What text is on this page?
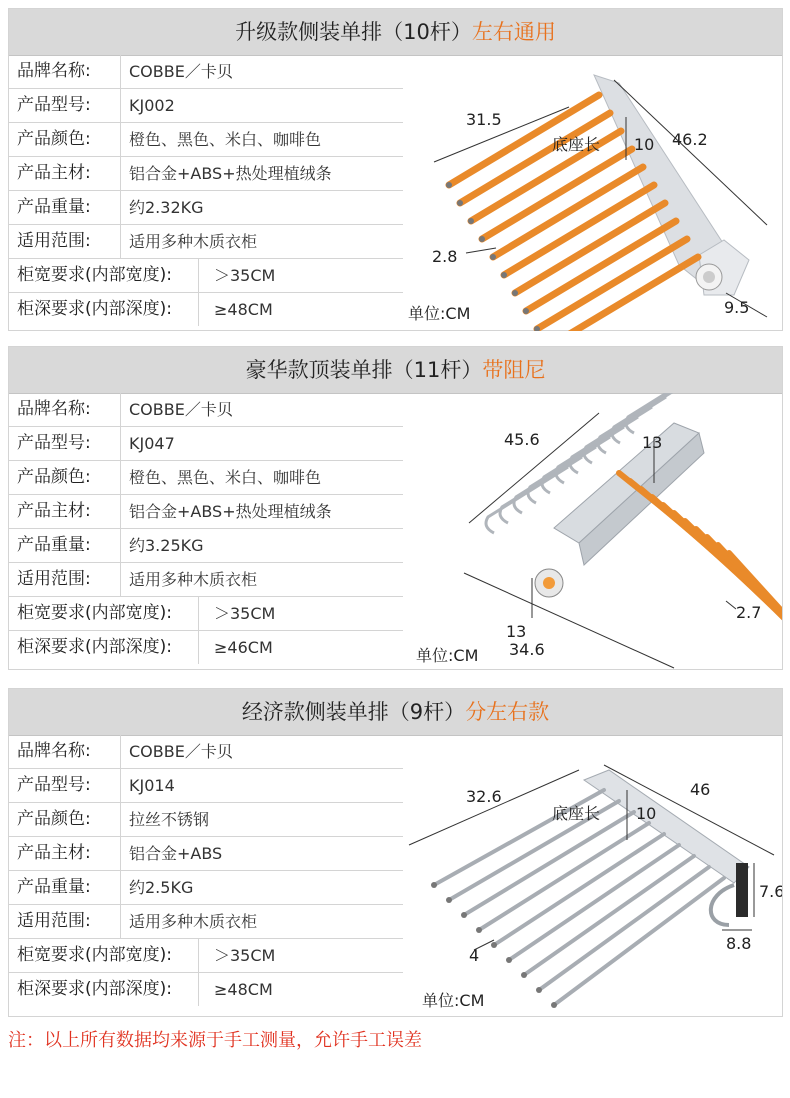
升级款侧装单排（10杆）左右通用
品牌名称:	COBBE／卡贝
产品型号:	KJ002
产品颜色:	橙色、黑色、米白、咖啡色
产品主材:	铝合金+ABS+热处理植绒条
产品重量:	约2.32KG
适用范围:	适用多种木质衣柜
柜宽要求(内部宽度):	＞35CM
柜深要求(内部深度):	≥48CM
31.5
46.2
底座长 10
2.8
9.5
单位:CM
豪华款顶装单排（11杆）带阻尼
品牌名称:	COBBE／卡贝
产品型号:	KJ047
产品颜色:	橙色、黑色、米白、咖啡色
产品主材:	铝合金+ABS+热处理植绒条
产品重量:	约3.25KG
适用范围:	适用多种木质衣柜
柜宽要求(内部宽度):	＞35CM
柜深要求(内部深度):	≥46CM
45.6	13
2.7
13
34.6
单位:CM
经济款侧装单排（9杆）分左右款
品牌名称:	COBBE／卡贝
产品型号:	KJ014
产品颜色:	拉丝不锈钢
产品主材:	铝合金+ABS
产品重量:	约2.5KG
适用范围:	适用多种木质衣柜
柜宽要求(内部宽度):	＞35CM
柜深要求(内部深度):	≥48CM
32.6	46
底座长 10
7.6
8.8
4
单位:CM
注：以上所有数据均来源于手工测量，允许手工误差
